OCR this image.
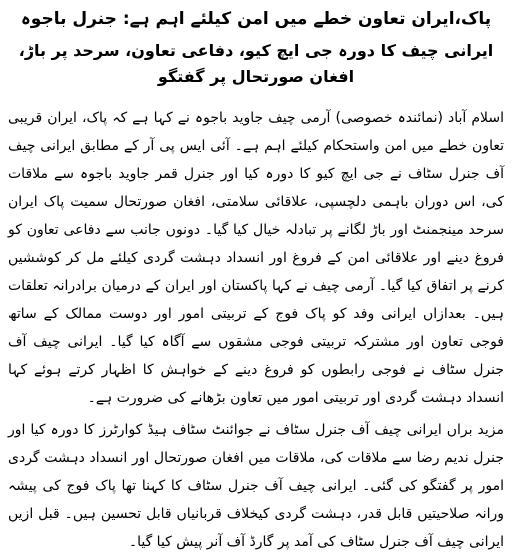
پاک،ایران تعاون خطے میں امن کیلئے اہم ہے: جنرل باجوہ
ایرانی چیف کا دورہ جی ایچ کیو، دفاعی تعاون، سرحد پر باڑ، افغان صورتحال پر گفتگو

اسلام آباد (نمائندہ خصوصی) آرمی چیف جاوید باجوہ نے کہا ہے کہ پاک، ایران قریبی تعاون خطے میں امن واستحکام کیلئے اہم ہے۔ آئی ایس پی آر کے مطابق ایرانی چیف آف جنرل سٹاف نے جی ایچ کیو کا دورہ کیا اور جنرل قمر جاوید باجوہ سے ملاقات کی، اس دوران باہمی دلچسپی، علاقائی سلامتی، افغان صورتحال سمیت پاک ایران سرحد مینجمنٹ اور باڑ لگانے پر تبادلہ خیال کیا گیا۔ دونوں جانب سے دفاعی تعاون کو فروغ دینے اور علاقائی امن کے فروغ اور انسداد دہشت گردی کیلئے مل کر کوششیں کرنے پر اتفاق کیا گیا۔ آرمی چیف نے کہا پاکستان اور ایران کے درمیان برادرانہ تعلقات ہیں۔ بعدازاں ایرانی وفد کو پاک فوج کے تربیتی امور اور دوست ممالک کے ساتھ فوجی تعاون اور مشترکہ تربیتی فوجی مشقوں سے آگاہ کیا گیا۔ ایرانی چیف آف جنرل سٹاف نے فوجی رابطوں کو فروغ دینے کے خواہش کا اظہار کرتے ہوئے کہا انسداد دہشت گردی اور تربیتی امور میں تعاون بڑھانے کی ضرورت ہے۔

مزید براں ایرانی چیف آف جنرل سٹاف نے جوائنٹ سٹاف ہیڈ کوارٹرز کا دورہ کیا اور جنرل ندیم رضا سے ملاقات کی، ملاقات میں افغان صورتحال اور انسداد دہشت گردی امور پر گفتگو کی گئی۔ ایرانی چیف آف جنرل سٹاف کا کہنا تھا پاک فوج کی پیشہ ورانہ صلاحیتیں قابل قدر، دہشت گردی کیخلاف قربانیاں قابل تحسین ہیں۔ قبل ازیں ایرانی چیف آف جنرل سٹاف کی آمد پر گارڈ آف آنر پیش کیا گیا۔
